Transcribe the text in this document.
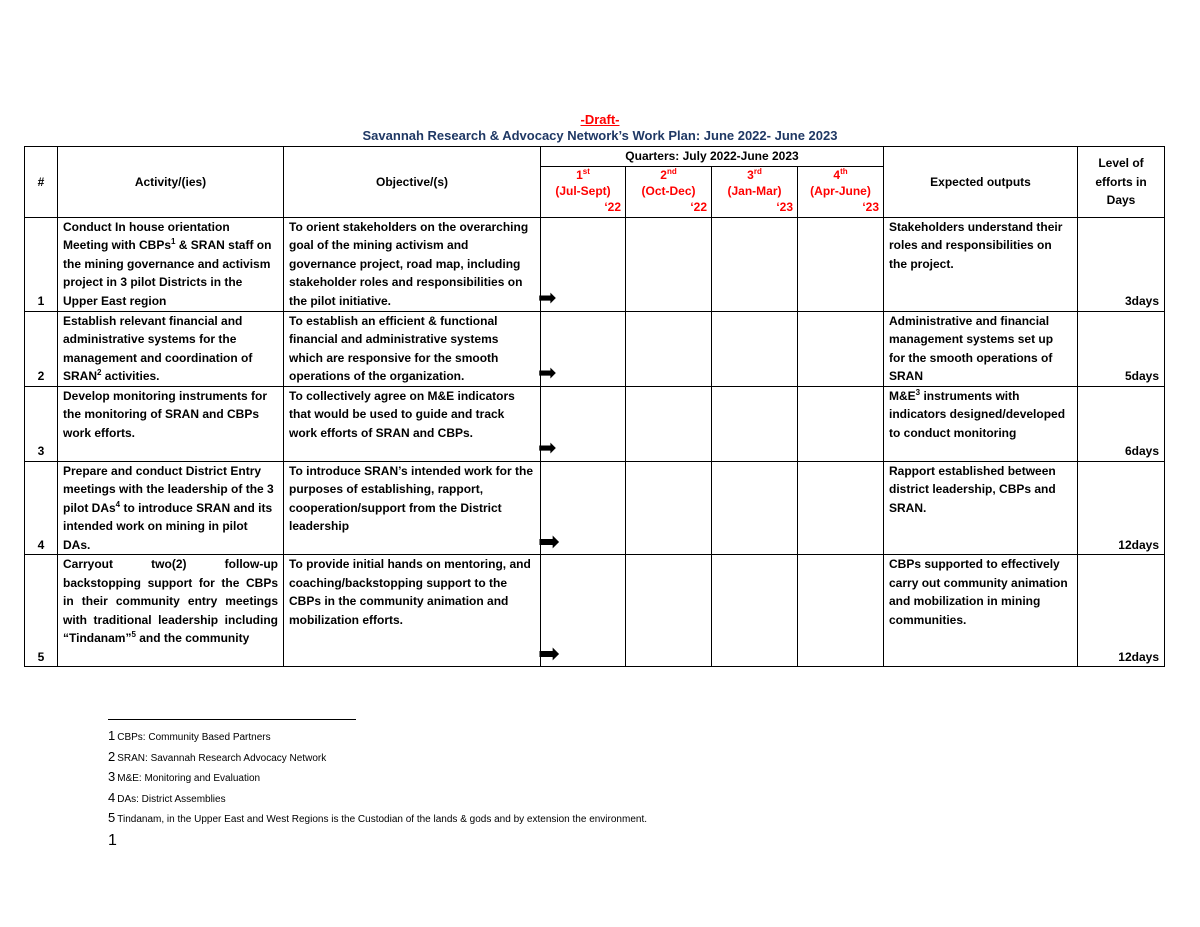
-Draft-
Savannah Research & Advocacy Network’s Work Plan: June 2022- June 2023
#	Activity/(ies)	Objective/(s)	Quarters: July 2022-June 2023				Expected outputs	Level of efforts in Days
			1st
(Jul-Sept)
‘22	2nd
(Oct-Dec)
‘22	3rd
(Jan-Mar)
‘23	4th
(Apr-June)
‘23		

1	Conduct In house orientation Meeting with CBPs$^1$ & SRAN staff on the mining governance and activism project in 3 pilot Districts in the Upper East region	To orient stakeholders on the overarching goal of the mining activism and governance project, road map, including stakeholder roles and responsibilities on the pilot initiative.	➡				Stakeholders understand their roles and responsibilities on the project.	3days
2	Establish relevant financial and administrative systems for the management and coordination of SRAN$^2$ activities.	To establish an efficient & functional financial and administrative systems which are responsive for the smooth operations of the organization.	➡				Administrative and financial management systems set up for the smooth operations of SRAN	5days
3	Develop monitoring instruments for the monitoring of SRAN and CBPs work efforts.	To collectively agree on M&E indicators that would be used to guide and track work efforts of SRAN and CBPs.	➡				$M\&E^3$ instruments with indicators designed/developed to conduct monitoring	6days
4	Prepare and conduct District Entry meetings with the leadership of the 3 pilot DAs$^4$ to introduce SRAN and its intended work on mining in pilot DAs.	To introduce SRAN’s intended work for the purposes of establishing, rapport, cooperation/support from the District leadership	➡				Rapport established between district leadership, CBPs and SRAN.	12days
5	Carryout two(2) follow-up backstopping support for the CBPs in their community entry meetings with traditional leadership including “Tindanam”$^5$ and the community	To provide initial hands on mentoring, and coaching/backstopping support to the CBPs in the community animation and mobilization efforts.	➡				CBPs supported to effectively carry out community animation and mobilization in mining communities.	12days
1 CBPs: Community Based Partners
2 SRAN: Savannah Research Advocacy Network
3 M&E: Monitoring and Evaluation
4 DAs: District Assemblies
5 Tindanam, in the Upper East and West Regions is the Custodian of the lands & gods and by extension the environment.
1
